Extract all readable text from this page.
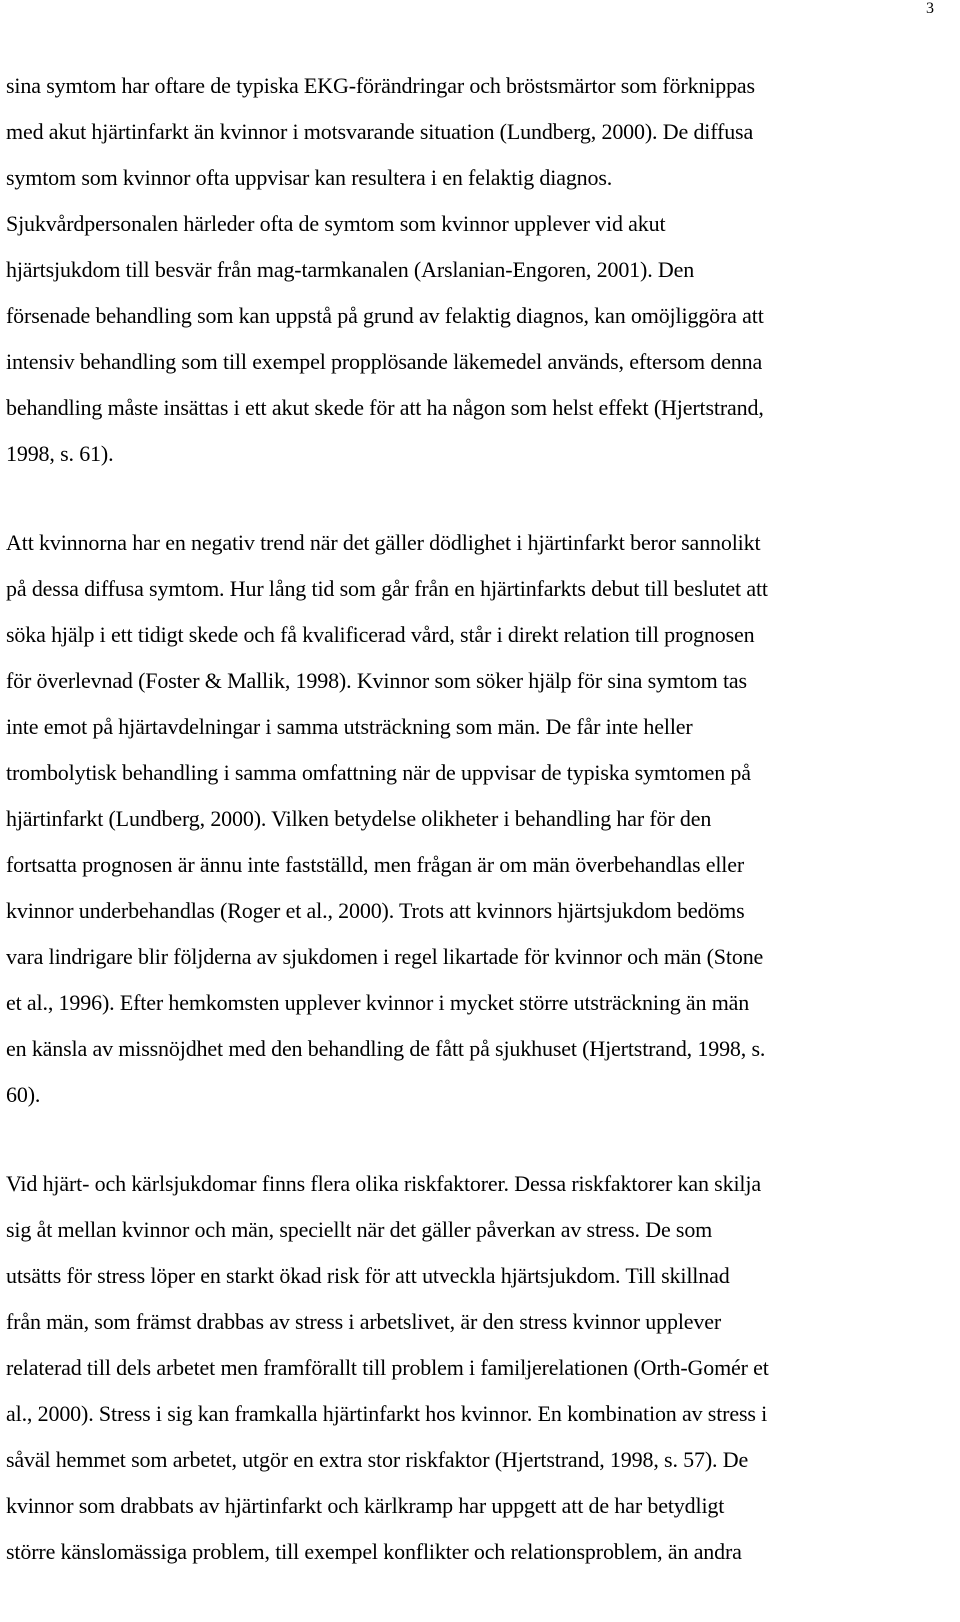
3
sina symtom har oftare de typiska EKG-förändringar och bröstsmärtor som förknippas
med akut hjärtinfarkt än kvinnor i motsvarande situation (Lundberg, 2000). De diffusa
symtom som kvinnor ofta uppvisar kan resultera i en felaktig diagnos.
Sjukvårdpersonalen härleder ofta de symtom som kvinnor upplever vid akut
hjärtsjukdom till besvär från mag-tarmkanalen (Arslanian-Engoren, 2001). Den
försenade behandling som kan uppstå på grund av felaktig diagnos, kan omöjliggöra att
intensiv behandling som till exempel propplösande läkemedel används, eftersom denna
behandling måste insättas i ett akut skede för att ha någon som helst effekt (Hjertstrand,
1998, s. 61).
Att kvinnorna har en negativ trend när det gäller dödlighet i hjärtinfarkt beror sannolikt
på dessa diffusa symtom. Hur lång tid som går från en hjärtinfarkts debut till beslutet att
söka hjälp i ett tidigt skede och få kvalificerad vård, står i direkt relation till prognosen
för överlevnad (Foster & Mallik, 1998). Kvinnor som söker hjälp för sina symtom tas
inte emot på hjärtavdelningar i samma utsträckning som män. De får inte heller
trombolytisk behandling i samma omfattning när de uppvisar de typiska symtomen på
hjärtinfarkt (Lundberg, 2000). Vilken betydelse olikheter i behandling har för den
fortsatta prognosen är ännu inte fastställd, men frågan är om män överbehandlas eller
kvinnor underbehandlas (Roger et al., 2000). Trots att kvinnors hjärtsjukdom bedöms
vara lindrigare blir följderna av sjukdomen i regel likartade för kvinnor och män (Stone
et al., 1996). Efter hemkomsten upplever kvinnor i mycket större utsträckning än män
en känsla av missnöjdhet med den behandling de fått på sjukhuset (Hjertstrand, 1998, s.
60).
Vid hjärt- och kärlsjukdomar finns flera olika riskfaktorer. Dessa riskfaktorer kan skilja
sig åt mellan kvinnor och män, speciellt när det gäller påverkan av stress. De som
utsätts för stress löper en starkt ökad risk för att utveckla hjärtsjukdom. Till skillnad
från män, som främst drabbas av stress i arbetslivet, är den stress kvinnor upplever
relaterad till dels arbetet men framförallt till problem i familjerelationen (Orth-Gomér et
al., 2000). Stress i sig kan framkalla hjärtinfarkt hos kvinnor. En kombination av stress i
såväl hemmet som arbetet, utgör en extra stor riskfaktor (Hjertstrand, 1998, s. 57). De
kvinnor som drabbats av hjärtinfarkt och kärlkramp har uppgett att de har betydligt
större känslomässiga problem, till exempel konflikter och relationsproblem, än andra
